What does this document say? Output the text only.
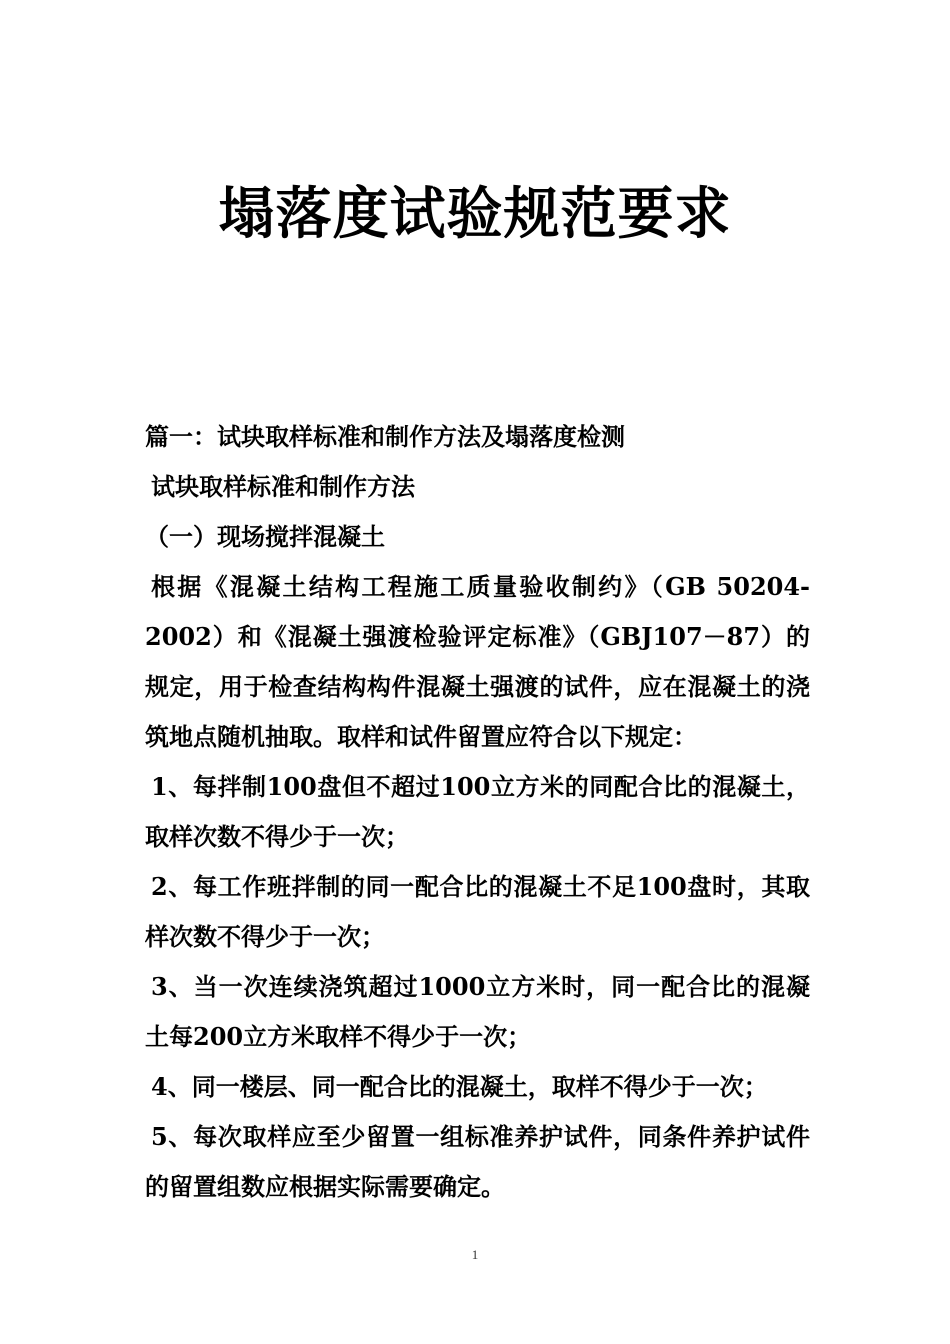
塌落度试验规范要求

篇一：试块取样标准和制作方法及塌落度检测

试块取样标准和制作方法

（一）现场搅拌混凝土

根据《混凝土结构工程施工质量验收制约》（GB 50204-2002）和《混凝土强渡检验评定标准》（GBJ107－87）的规定，用于检查结构构件混凝土强渡的试件，应在混凝土的浇筑地点随机抽取。取样和试件留置应符合以下规定：

1、每拌制100盘但不超过100立方米的同配合比的混凝土，取样次数不得少于一次；

2、每工作班拌制的同一配合比的混凝土不足100盘时，其取样次数不得少于一次；

3、当一次连续浇筑超过1000立方米时，同一配合比的混凝土每200立方米取样不得少于一次；

4、同一楼层、同一配合比的混凝土，取样不得少于一次；

5、每次取样应至少留置一组标准养护试件，同条件养护试件的留置组数应根据实际需要确定。

1
